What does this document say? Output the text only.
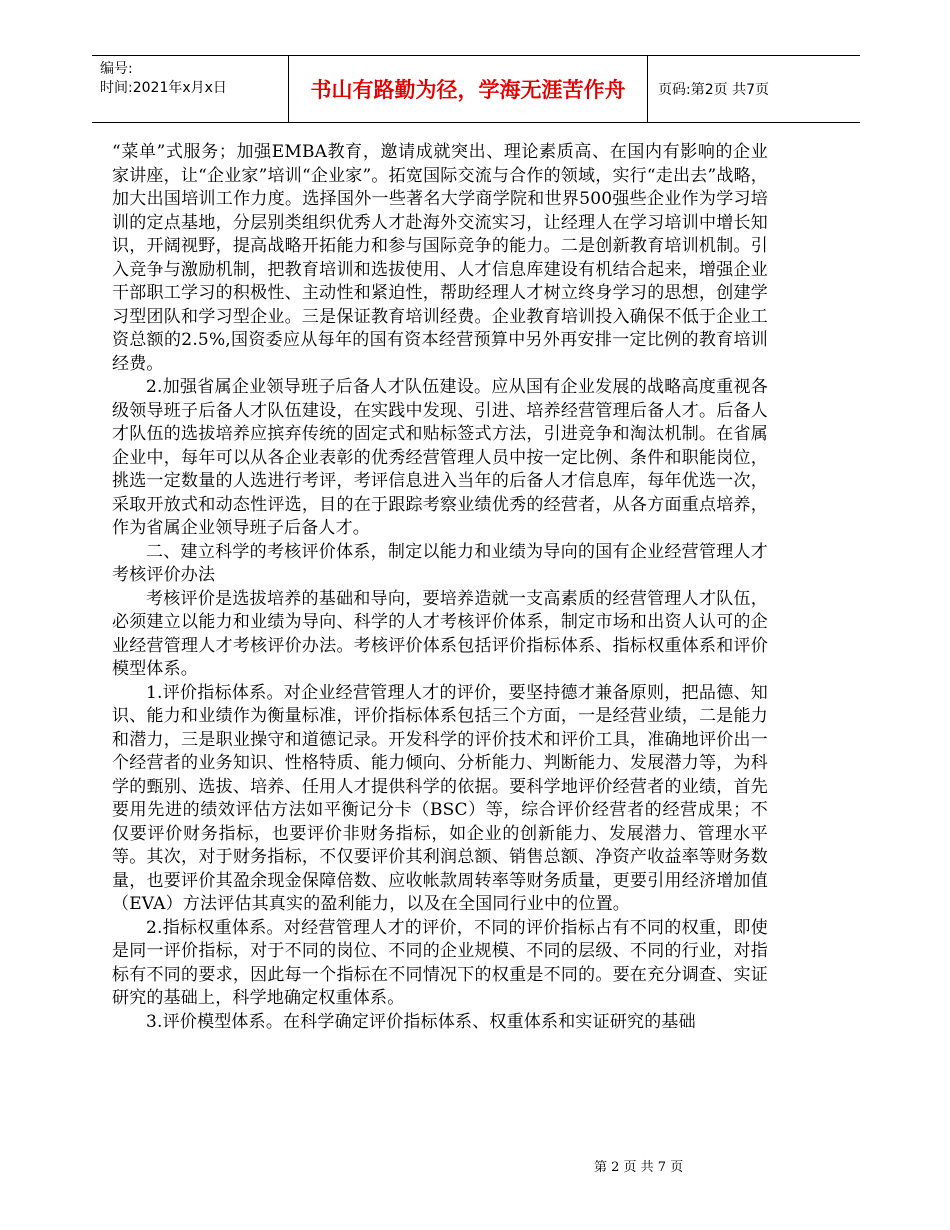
编号:
时间:2021年x月x日	书山有路勤为径，学海无涯苦作舟	页码:第2页 共7页

“菜单”式服务；加强EMBA教育，邀请成就突出、理论素质高、在国内有影响的企业家讲座，让“企业家”培训“企业家”。拓宽国际交流与合作的领域，实行“走出去”战略，加大出国培训工作力度。选择国外一些著名大学商学院和世界500强些企业作为学习培训的定点基地，分层别类组织优秀人才赴海外交流实习，让经理人在学习培训中增长知识，开阔视野，提高战略开拓能力和参与国际竞争的能力。二是创新教育培训机制。引入竞争与激励机制，把教育培训和选拔使用、人才信息库建设有机结合起来，增强企业干部职工学习的积极性、主动性和紧迫性，帮助经理人才树立终身学习的思想，创建学习型团队和学习型企业。三是保证教育培训经费。企业教育培训投入确保不低于企业工资总额的2.5%,国资委应从每年的国有资本经营预算中另外再安排一定比例的教育培训经费。

2.加强省属企业领导班子后备人才队伍建设。应从国有企业发展的战略高度重视各级领导班子后备人才队伍建设，在实践中发现、引进、培养经营管理后备人才。后备人才队伍的选拔培养应摈弃传统的固定式和贴标签式方法，引进竞争和淘汰机制。在省属企业中，每年可以从各企业表彰的优秀经营管理人员中按一定比例、条件和职能岗位，挑选一定数量的人选进行考评，考评信息进入当年的后备人才信息库，每年优选一次，采取开放式和动态性评选，目的在于跟踪考察业绩优秀的经营者，从各方面重点培养，作为省属企业领导班子后备人才。

二、建立科学的考核评价体系，制定以能力和业绩为导向的国有企业经营管理人才考核评价办法

考核评价是选拔培养的基础和导向，要培养造就一支高素质的经营管理人才队伍，必须建立以能力和业绩为导向、科学的人才考核评价体系，制定市场和出资人认可的企业经营管理人才考核评价办法。考核评价体系包括评价指标体系、指标权重体系和评价模型体系。

1.评价指标体系。对企业经营管理人才的评价，要坚持德才兼备原则，把品德、知识、能力和业绩作为衡量标准，评价指标体系包括三个方面，一是经营业绩，二是能力和潜力，三是职业操守和道德记录。开发科学的评价技术和评价工具，准确地评价出一个经营者的业务知识、性格特质、能力倾向、分析能力、判断能力、发展潜力等，为科学的甄别、选拔、培养、任用人才提供科学的依据。要科学地评价经营者的业绩，首先要用先进的绩效评估方法如平衡记分卡（BSC）等，综合评价经营者的经营成果；不仅要评价财务指标，也要评价非财务指标，如企业的创新能力、发展潜力、管理水平等。其次，对于财务指标，不仅要评价其利润总额、销售总额、净资产收益率等财务数量，也要评价其盈余现金保障倍数、应收帐款周转率等财务质量，更要引用经济增加值（EVA）方法评估其真实的盈利能力，以及在全国同行业中的位置。

2.指标权重体系。对经营管理人才的评价，不同的评价指标占有不同的权重，即使是同一评价指标，对于不同的岗位、不同的企业规模、不同的层级、不同的行业，对指标有不同的要求，因此每一个指标在不同情况下的权重是不同的。要在充分调查、实证研究的基础上，科学地确定权重体系。

3.评价模型体系。在科学确定评价指标体系、权重体系和实证研究的基础

第 2 页 共 7 页
